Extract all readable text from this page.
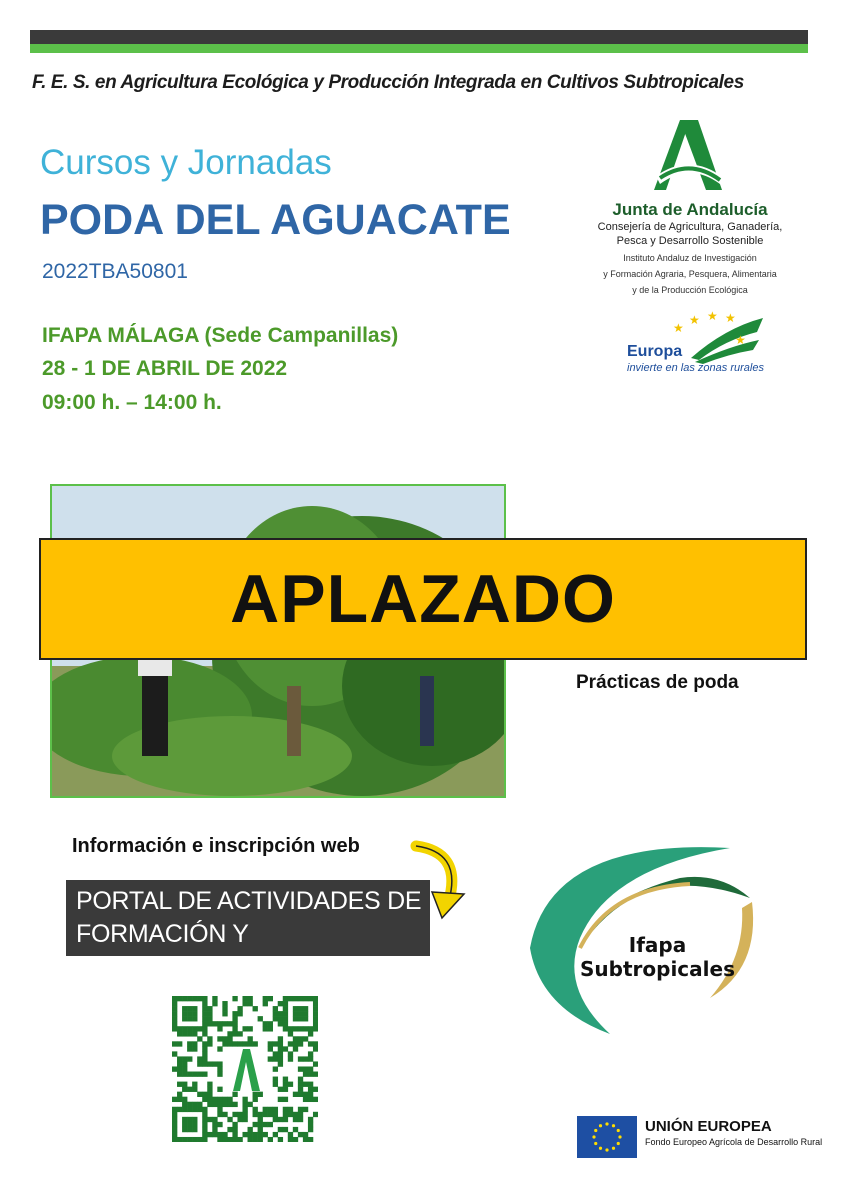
F. E. S. en Agricultura Ecológica y Producción Integrada en Cultivos Subtropicales
Cursos y Jornadas
PODA DEL AGUACATE
2022TBA50801
IFAPA MÁLAGA (Sede Campanillas)
28 - 1 DE ABRIL DE 2022
09:00 h. – 14:00 h.
Junta de Andalucía
Consejería de Agricultura, Ganadería,
Pesca y Desarrollo Sostenible
Instituto Andaluz de Investigación
y Formación Agraria, Pesquera, Alimentaria
y de la Producción Ecológica
★
★ ★ ★
★
Europa
invierte en las zonas rurales
APLAZADO
Prácticas de poda
Información e inscripción web
PORTAL DE ACTIVIDADES DE
FORMACIÓN Y TRANSFERENCIA
Ifapa
Subtropicales
UNIÓN EUROPEA
Fondo Europeo Agrícola de Desarrollo Rural
